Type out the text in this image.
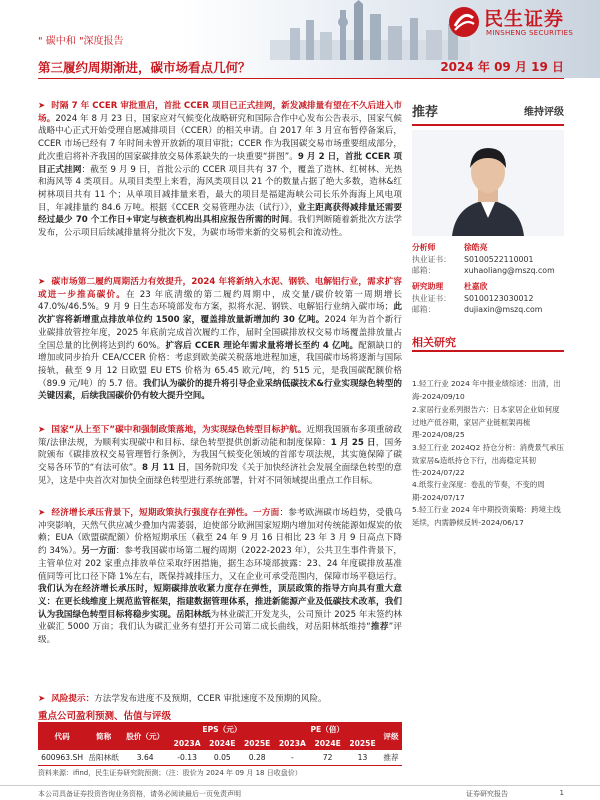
民生证券
MINSHENG SECURITIES
" 碳中和 "深度报告
第三履约周期渐进，碳市场看点几何？	2024 年 09 月 19 日
➤  时隔 7 年 CCER 审批重启，首批 CCER 项目已正式挂网，新发减排量有望在不久后进入市场。2024 年 8 月 23 日，国家应对气候变化战略研究和国际合作中心发布公告表示，国家气候战略中心正式开始受理自愿减排项目（CCER）的相关申请。自 2017 年 3 月宣布暂停备案后，CCER 市场已经有 7 年时间未曾开放新的项目审批；CCER 作为我国碳交易市场重要组成部分，此次重启将补齐我国的国家碳排放交易体系缺失的一块重要“拼图”。9 月 2 日，首批 CCER 项目正式挂网：截至 9 月 9 日，首批公示的 CCER 项目共有 37 个，覆盖了造林、红树林、光热和海风等 4 类项目。从项目类型上来看，海风类项目以 21 个的数量占据了绝大多数，造林&红树林项目共有 11 个；从单项目减排量来看，最大的项目是福建海峡公司长乐外海海上风电项目，年减排量约 84.6 万吨。根据《CCER 交易管理办法（试行）》，业主距离获得减排量还需要经过最少 70 个工作日+审定与核查机构出具相应报告所需的时间。我们判断随着新批次方法学发布，公示项目后续减排量将分批次下发，为碳市场带来新的交易机会和流动性。
➤  碳市场第二履约周期活力有效提升，2024 年将新纳入水泥、钢铁、电解铝行业，需求扩容或进一步推高碳价。在 23 年底清缴的第二履约周期中，成交量/碳价较第一周期增长 47.0%/46.5%。9 月 9 日生态环境部发布方案，拟将水泥、钢铁、电解铝行业纳入碳市场；此次扩容将新增重点排放单位约 1500 家，覆盖排放量新增加约 30 亿吨。2024 年为首个新行业碳排放管控年度，2025 年底前完成首次履约工作，届时全国碳排放权交易市场覆盖排放量占全国总量的比例将达到约 60%。扩容后 CCER 理论年需求量将增长至约 4 亿吨。配额缺口的增加或同步抬升 CEA/CCER 价格：考虑到欧美碳关税落地进程加速，我国碳市场将逐渐与国际接轨，截至 9 月 12 日欧盟 EU ETS 价格为 65.45 欧元/吨，约 515 元，是我国碳配额价格（89.9 元/吨）的 5.7 倍。我们认为碳价的提升将引导企业采纳低碳技术&行业实现绿色转型的关键因素，后续我国碳价仍有较大提升空间。
➤  国家“从上至下”碳中和强制政策落地，为实现绿色转型目标护航。近期我国颁布多项重磅政策/法律法规，为顺利实现碳中和目标、绿色转型提供创新动能和制度保障：1 月 25 日，国务院颁布《碳排放权交易管理暂行条例》，为我国气候变化领域的首部专项法规，其实施保障了碳交易各环节的“有法可依”。8 月 11 日，国务院印发《关于加快经济社会发展全面绿色转型的意见》，这是中央首次对加快全面绿色转型进行系统部署，针对不同领域提出重点工作目标。
➤  经济增长承压背景下，短期政策执行强度存在弹性。一方面：参考欧洲碳市场趋势，受俄乌冲突影响，天然气供应减少叠加内需萎弱，迫使部分欧洲国家短期内增加对传统能源如煤炭的依赖；EUA（欧盟碳配额）价格短期承压（截至 24 年 9 月 16 日相比 23 年 3 月 9 日高点下降约 34%）。另一方面：参考我国碳市场第二履约周期（2022-2023 年），公共卫生事件背景下，主管单位对 202 家重点排放单位采取纾困措施，据生态环境部披露：23、24 年度碳排放基准值同等可比口径下降 1%左右，既保持减排压力，又在企业可承受范围内，保障市场平稳运行。我们认为在经济增长承压时，短期碳排放收紧力度存在弹性，顶层政策的指导方向具有重大意义：在更长线维度上规范监管框架，指建数据管理体系，推进新能源产业及低碳技术改革，我们认为我国绿色转型目标将稳步实现。岳阳林纸为林业碳汇开发龙头，公司预计 2025 年末签约林业碳汇 5000 万亩；我们认为碳汇业务有望打开公司第二成长曲线，对岳阳林纸维持“推荐”评级。
➤  风险提示：方法学发布进度不及预期，CCER 审批速度不及预期的风险。
推荐	维持评级
分析师	徐皓亮
执业证书： S0100522110001
邮箱：	xuhaoliang@mszq.com
研究助理	杜嘉欣
执业证书： S0100123030012
邮箱：	dujiaxin@mszq.com
相关研究
1.轻工行业 2024 年中报业绩综述：出清，出海-2024/09/10
2.家居行业系列报告六：日本家居企业如何度过地产低谷期，家居产业链框架再梳理-2024/08/25
3.轻工行业 2024Q2 持仓分析：消费景气承压致家居&造纸持仓下行，出海稳定其韧性-2024/07/22
4.纸浆行业深度：卷乱的节奏，不变的周期-2024/07/17
5.轻工行业 2024 年中期投资策略：跨境主线延续，内需静候反转-2024/06/17
重点公司盈利预测、估值与评级
代码	简称	股价（元）	EPS（元）			PE（倍）			评级
			2023A	2024E	2025E	2023A	2024E	2025E	
600963.SH	岳阳林纸	3.64	-0.13	0.05	0.28	-	72	13	推荐
资料来源：ifind，民生证券研究院预测；（注：股价为 2024 年 09 月 18 日收盘价）
本公司具备证券投资咨询业务资格，请务必阅读最后一页免责声明	证券研究报告	1
